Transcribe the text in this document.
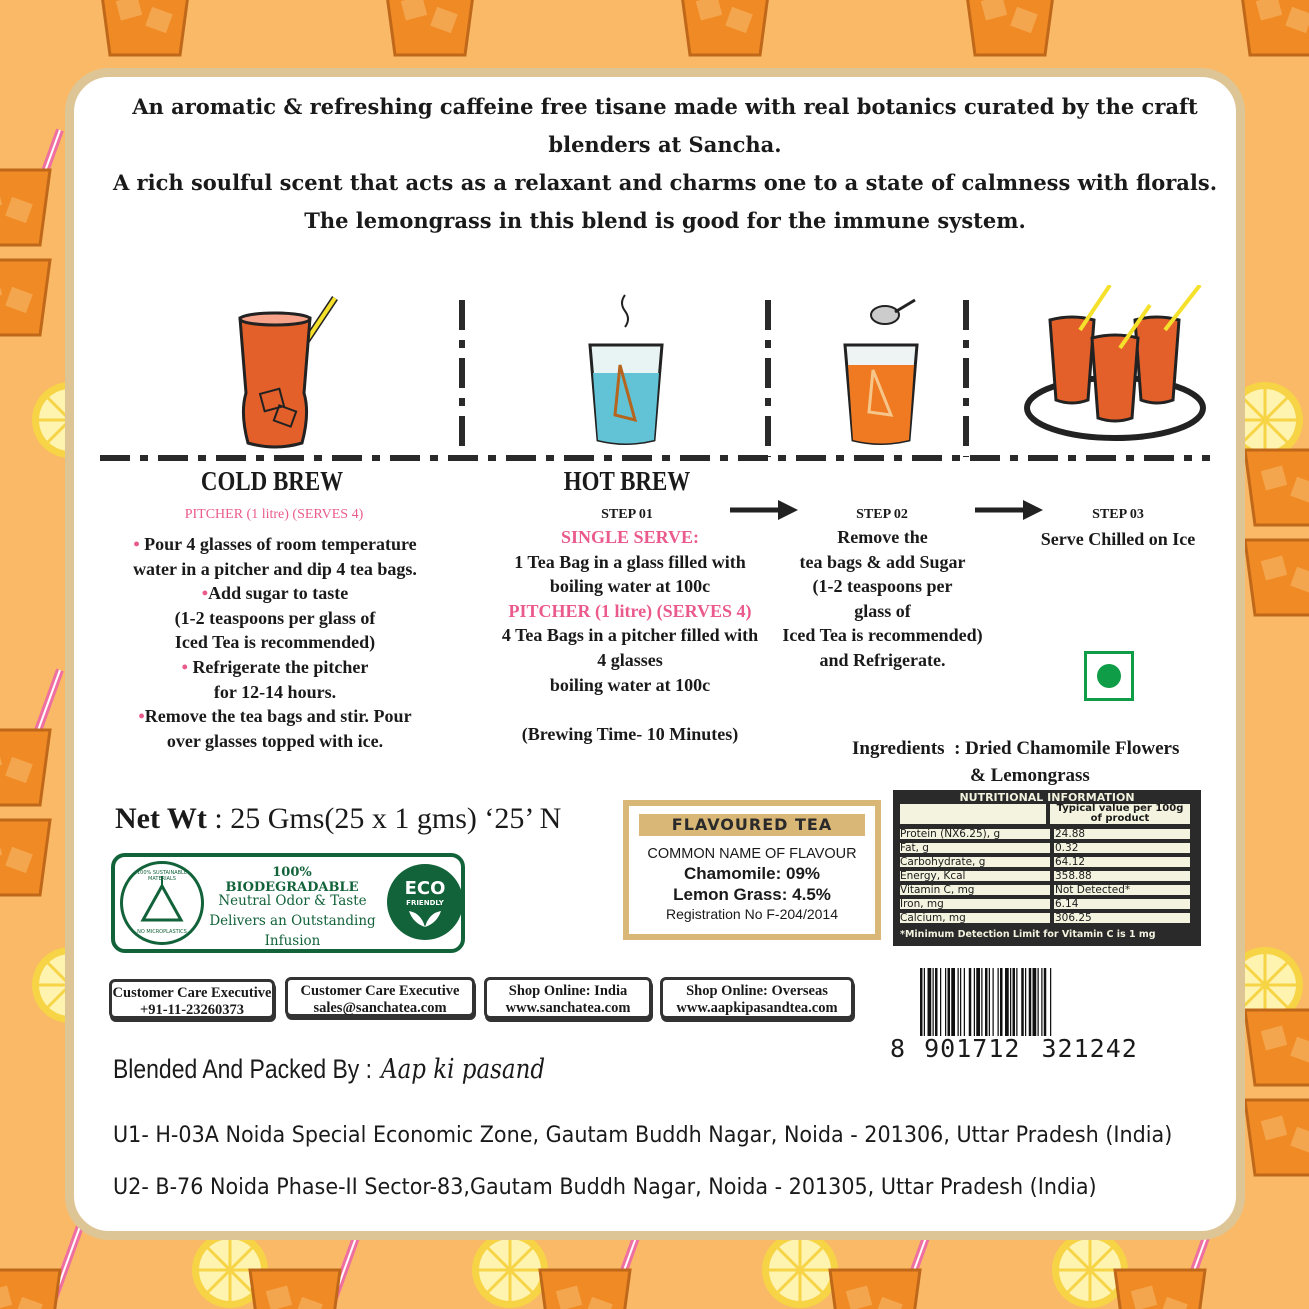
An aromatic & refreshing caffeine free tisane made with real botanics curated by the craft
blenders at Sancha.
A rich soulful scent that acts as a relaxant and charms one to a state of calmness with florals.
The lemongrass in this blend is good for the immune system.
COLD BREW
PITCHER (1 litre) (SERVES 4)
• Pour 4 glasses of room temperature
water in a pitcher and dip 4 tea bags.
•Add sugar to taste
(1-2 teaspoons per glass of
Iced Tea is recommended)
• Refrigerate the pitcher
for 12-14 hours.
•Remove the tea bags and stir. Pour
over glasses topped with ice.
HOT BREW
STEP 01
SINGLE SERVE:
1 Tea Bag in a glass filled with
boiling water at 100c
PITCHER (1 litre) (SERVES 4)
4 Tea Bags in a pitcher filled with
4 glasses
boiling water at 100c
(Brewing Time- 10 Minutes)
STEP 02
Remove the
tea bags & add Sugar
(1-2 teaspoons per
glass of
Iced Tea is recommended)
and Refrigerate.
STEP 03
Serve Chilled on Ice
Ingredients : Dried Chamomile Flowers
& Lemongrass
Net Wt : 25 Gms(25 x 1 gms) ‘25’ N
100% SUSTAINABLE MATERIALS
NO MICROPLASTICS
100% BIODEGRADABLE
Neutral Odor & Taste
Delivers an Outstanding
Infusion
ECO
FRIENDLY
FLAVOURED TEA
COMMON NAME OF FLAVOUR
Chamomile: 09%
Lemon Grass: 4.5%
Registration No F-204/2014
NUTRITIONAL INFORMATION
Typical value per 100g of product
Protein (NX6.25), g	24.88
Fat, g	0.32
Carbohydrate, g	64.12
Energy, Kcal	358.88
Vitamin C, mg	Not Detected*
Iron, mg	6.14
Calcium, mg	306.25
*Minimum Detection Limit for Vitamin C is 1 mg
Customer Care Executive
+91-11-23260373
Customer Care Executive
sales@sanchatea.com
Shop Online: India
www.sanchatea.com
Shop Online: Overseas
www.aapkipasandtea.com
8 901712 321242
Blended And Packed By : Aap ki pasand
U1- H-03A Noida Special Economic Zone, Gautam Buddh Nagar, Noida - 201306, Uttar Pradesh (India)
U2- B-76 Noida Phase-II Sector-83,Gautam Buddh Nagar, Noida - 201305, Uttar Pradesh (India)
